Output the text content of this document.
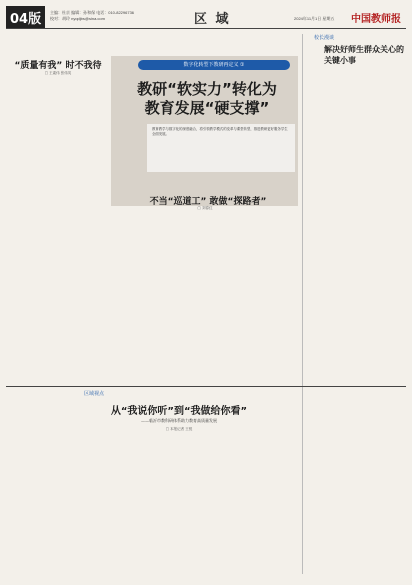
04版	主编：杜京 编辑：孙和保 电话：010-82296736
校对：胡玲 nyqdjbs@sina.com	区 域	2024年11月1日 星期五 中国教师报
“质量有我” 时不我待
□ 王素伟 张伟英

数字化转型下教研再定义 ①
教研“软实力”转化为
教育发展“硬支撑”

教育教学与数字化的深度融合，将引领教学模式的变革与课堂转型，推进教研更好服务学生全面发展。

不当“巡道工” 敢做“探路者”
□ 刘春红
校长漫谈
解决好师生群众关心的关键小事
区域视点
从“我说你听”到“我做给你看”
——临沂市教科研体系助力教育高质量发展
□ 本报记者 王悦
